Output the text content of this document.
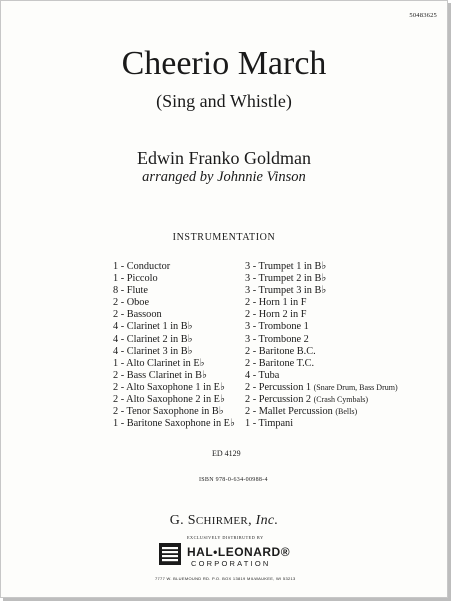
50483625
Cheerio March
(Sing and Whistle)
Edwin Franko Goldman
arranged by Johnnie Vinson
INSTRUMENTATION
1 - Conductor
1 - Piccolo
8 - Flute
2 - Oboe
2 - Bassoon
4 - Clarinet 1 in B♭
4 - Clarinet 2 in B♭
4 - Clarinet 3 in B♭
1 - Alto Clarinet in E♭
2 - Bass Clarinet in B♭
2 - Alto Saxophone 1 in E♭
2 - Alto Saxophone 2 in E♭
2 - Tenor Saxophone in B♭
1 - Baritone Saxophone in E♭
3 - Trumpet 1 in B♭
3 - Trumpet 2 in B♭
3 - Trumpet 3 in B♭
2 - Horn 1 in F
2 - Horn 2 in F
3 - Trombone 1
3 - Trombone 2
2 - Baritone B.C.
2 - Baritone T.C.
4 - Tuba
2 - Percussion 1 (Snare Drum, Bass Drum)
2 - Percussion 2 (Crash Cymbals)
2 - Mallet Percussion (Bells)
1 - Timpani
ED 4129
ISBN 978-0-634-00988-4
G. SCHIRMER, Inc.
EXCLUSIVELY DISTRIBUTED BY
HAL•LEONARD®
CORPORATION
7777 W. BLUEMOUND RD. P.O. BOX 13819 MILWAUKEE, WI 53213
